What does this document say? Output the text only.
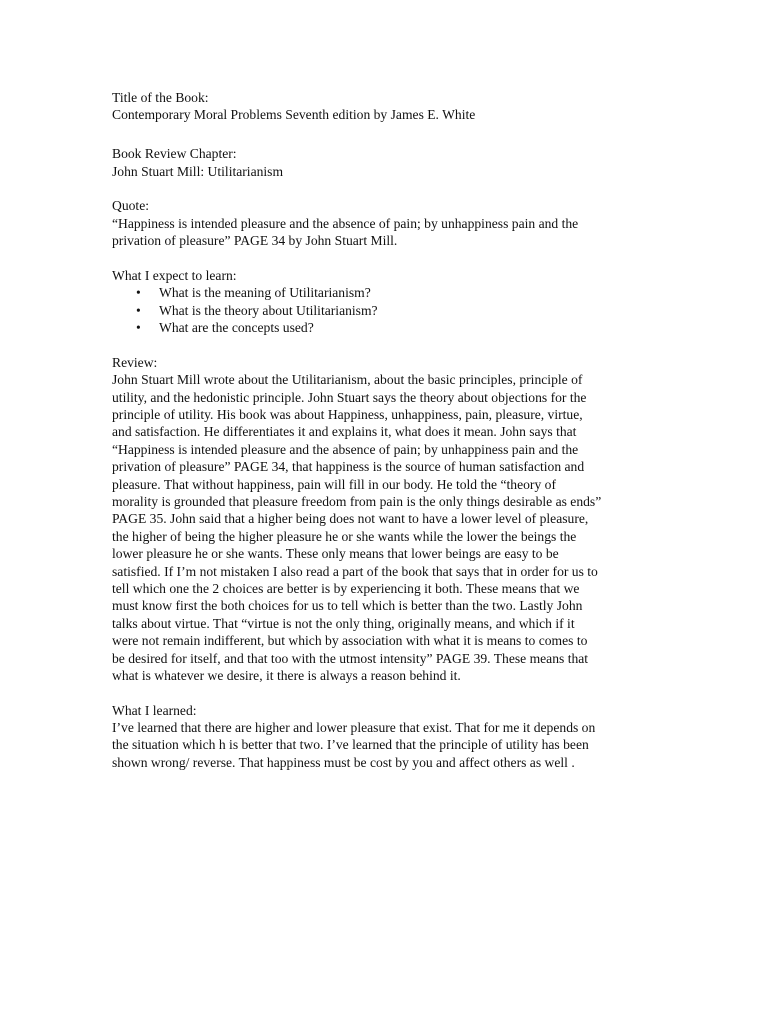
Title of the Book:
Contemporary Moral Problems Seventh edition by James E. White
Book Review Chapter:
John Stuart Mill: Utilitarianism
Quote:
“Happiness is intended pleasure and the absence of pain; by unhappiness pain and the
privation of pleasure” PAGE 34 by John Stuart Mill.
What I expect to learn:
• What is the meaning of Utilitarianism?
• What is the theory about Utilitarianism?
• What are the concepts used?
Review:
John Stuart Mill wrote about the Utilitarianism, about the basic principles, principle of
utility, and the hedonistic principle. John Stuart says the theory about objections for the
principle of utility. His book was about Happiness, unhappiness, pain, pleasure, virtue,
and satisfaction. He differentiates it and explains it, what does it mean. John says that
“Happiness is intended pleasure and the absence of pain; by unhappiness pain and the
privation of pleasure” PAGE 34, that happiness is the source of human satisfaction and
pleasure. That without happiness, pain will fill in our body. He told the “theory of
morality is grounded that pleasure freedom from pain is the only things desirable as ends”
PAGE 35. John said that a higher being does not want to have a lower level of pleasure,
the higher of being the higher pleasure he or she wants while the lower the beings the
lower pleasure he or she wants. These only means that lower beings are easy to be
satisfied. If I’m not mistaken I also read a part of the book that says that in order for us to
tell which one the 2 choices are better is by experiencing it both. These means that we
must know first the both choices for us to tell which is better than the two. Lastly John
talks about virtue. That “virtue is not the only thing, originally means, and which if it
were not remain indifferent, but which by association with what it is means to comes to
be desired for itself, and that too with the utmost intensity” PAGE 39. These means that
what is whatever we desire, it there is always a reason behind it.
What I learned:
I’ve learned that there are higher and lower pleasure that exist. That for me it depends on
the situation which h is better that two. I’ve learned that the principle of utility has been
shown wrong/ reverse. That happiness must be cost by you and affect others as well .
